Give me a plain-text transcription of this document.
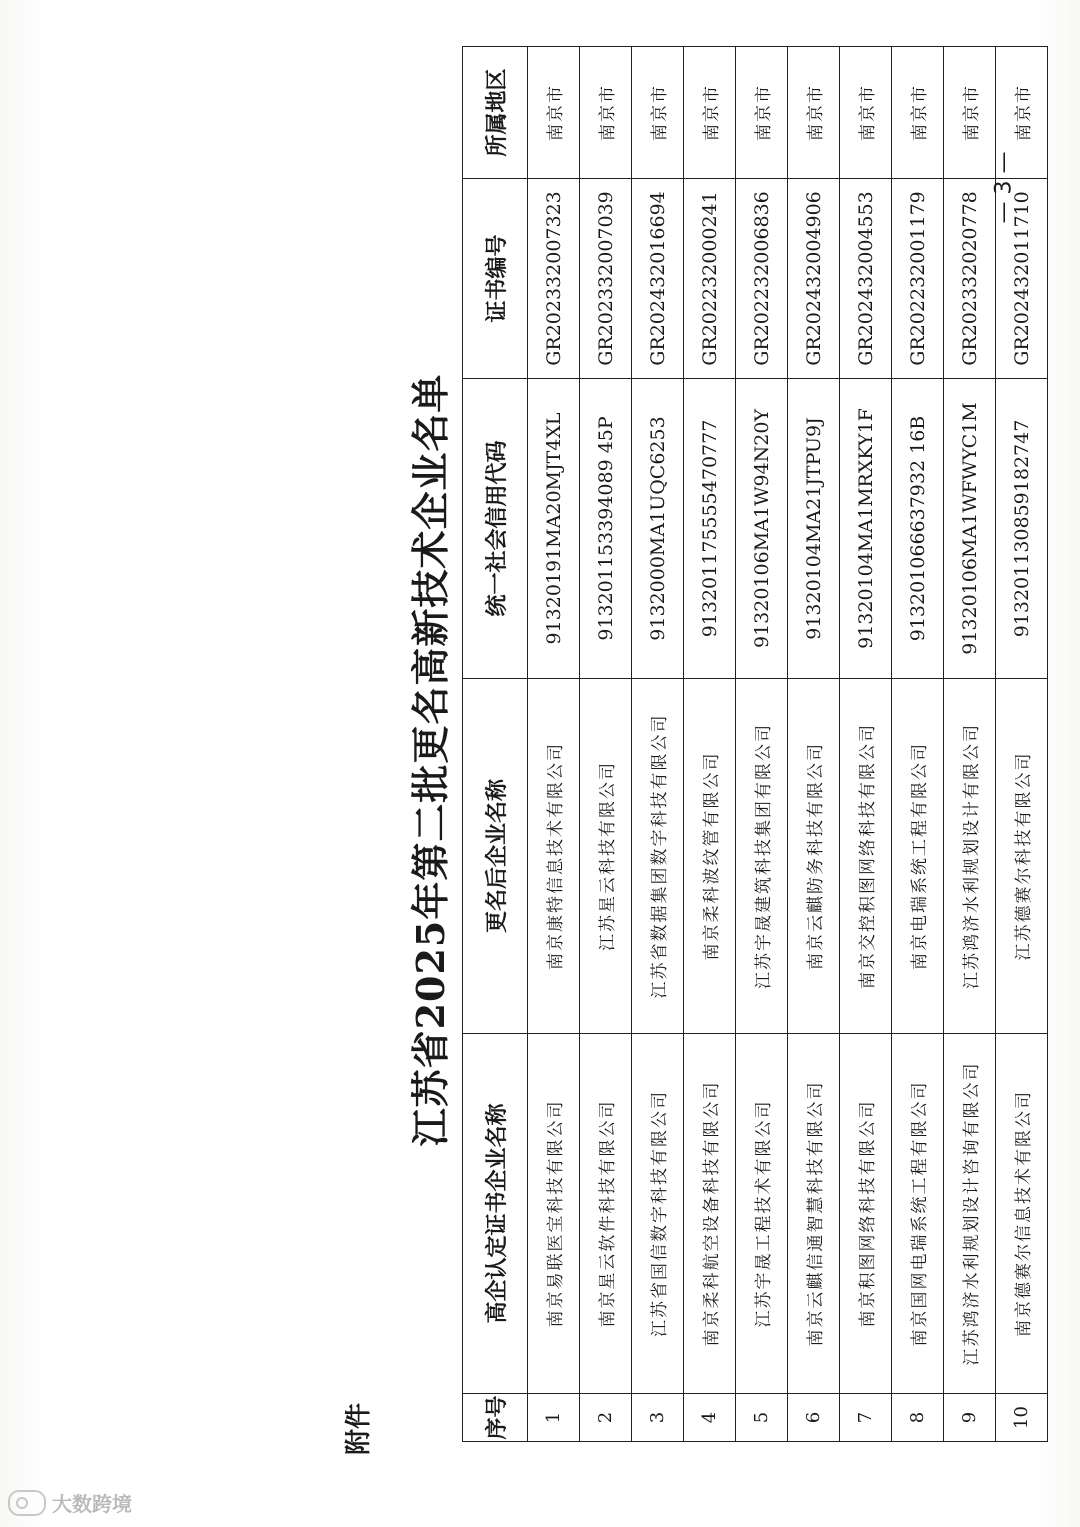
附件
江苏省2025年第二批更名高新技术企业名单
序号	高企认定证书企业名称	更名后企业名称	统一社会信用代码	证书编号	所属地区
1	南京易联医宝科技有限公司	南京康特信息技术有限公司	91320191MA20MJT4XL	GR202332007323	南京市
2	南京星云软件科技有限公司	江苏星云科技有限公司	913201153394089 45P	GR202332007039	南京市
3	江苏省国信数字科技有限公司	江苏省数据集团数字科技有限公司	9132000MA1UQC6253	GR202432016694	南京市
4	南京柔科航空设备科技有限公司	南京柔科波纹管有限公司	913201175555470777	GR202232000241	南京市
5	江苏宇晟工程技术有限公司	江苏宇晟建筑科技集团有限公司	91320106MA1W94N20Y	GR202232006836	南京市
6	南京云麒信通智慧科技有限公司	南京云麒防务科技有限公司	91320104MA21JTPU9J	GR202432004906	南京市
7	南京积图网络科技有限公司	南京交控积图网络科技有限公司	91320104MA1MRXKY1F	GR202432004553	南京市
8	南京国网电瑞系统工程有限公司	南京电瑞系统工程有限公司	913201066637932 16B	GR202232001179	南京市
9	江苏鸿济水利规划设计咨询有限公司	江苏鸿济水利规划设计有限公司	91320106MA1WFWYC1M	GR202332020778	南京市
10	南京德赛尔信息技术有限公司	江苏德赛尔科技有限公司	913201130859182747	GR202432011710	南京市
— 3 —
大数跨境
